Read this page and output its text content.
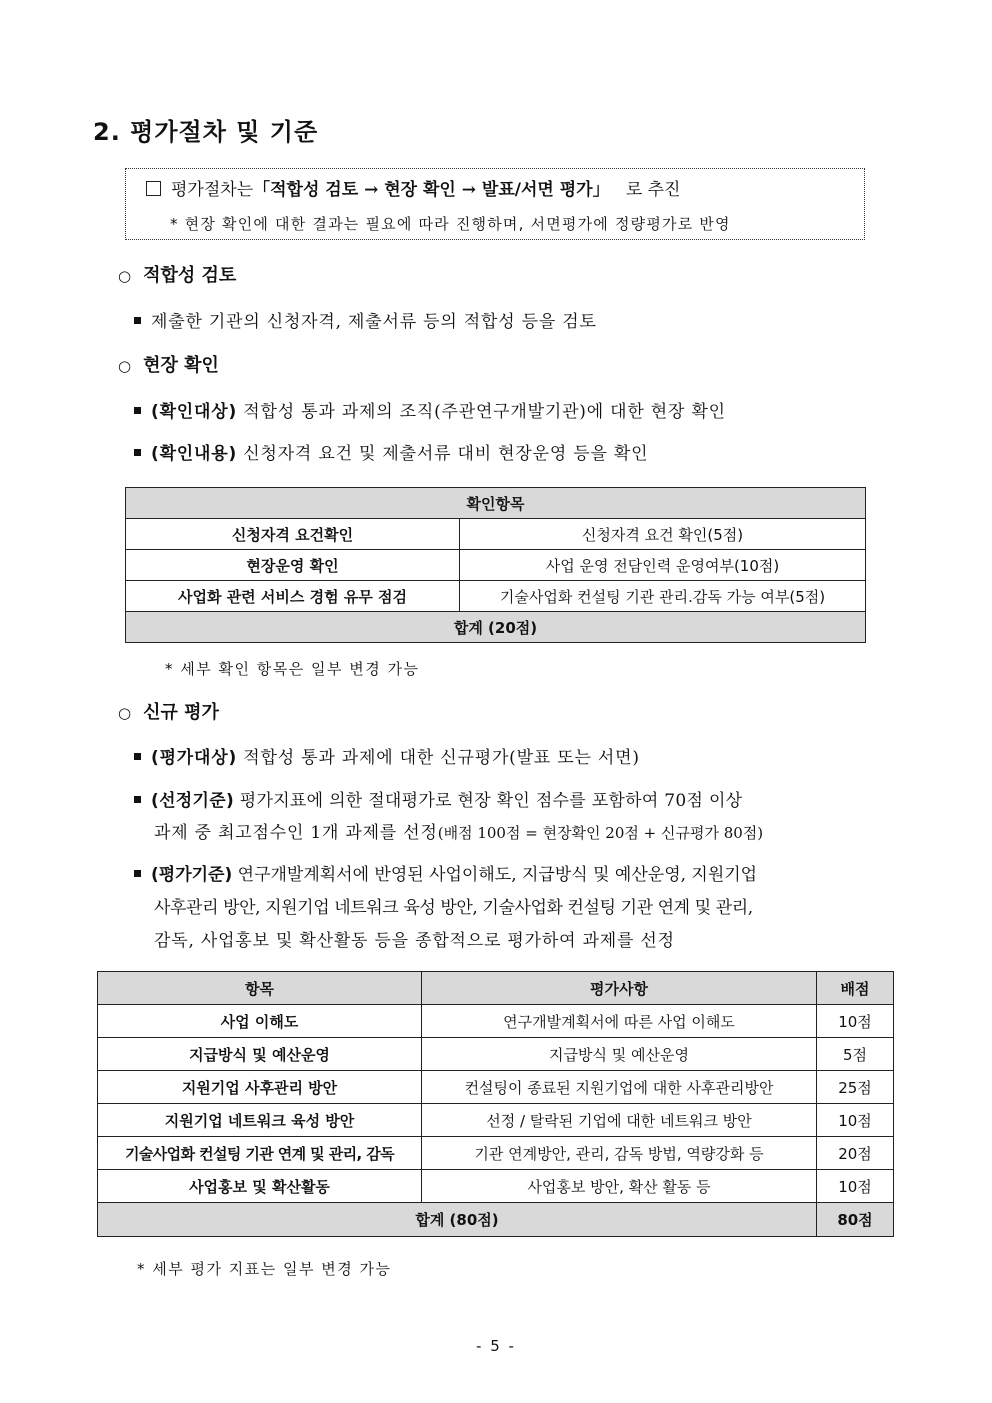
2. 평가절차 및 기준
평가절차는「적합성 검토 → 현장 확인 → 발표/서면 평가」 로 추진
* 현장 확인에 대한 결과는 필요에 따라 진행하며, 서면평가에 정량평가로 반영
○ 적합성 검토
제출한 기관의 신청자격, 제출서류 등의 적합성 등을 검토
○ 현장 확인
(확인대상) 적합성 통과 과제의 조직(주관연구개발기관)에 대한 현장 확인
(확인내용) 신청자격 요건 및 제출서류 대비 현장운영 등을 확인
확인항목	
신청자격 요건확인	신청자격 요건 확인(5점)
현장운영 확인	사업 운영 전담인력 운영여부(10점)
사업화 관련 서비스 경험 유무 점검	기술사업화 컨설팅 기관 관리.감독 가능 여부(5점)
합계 (20점)	
* 세부 확인 항목은 일부 변경 가능
○ 신규 평가
(평가대상) 적합성 통과 과제에 대한 신규평가(발표 또는 서면)
(선정기준) 평가지표에 의한 절대평가로 현장 확인 점수를 포함하여 70점 이상
과제 중 최고점수인 1개 과제를 선정(배점 100점 = 현장확인 20점 + 신규평가 80점)
(평가기준) 연구개발계획서에 반영된 사업이해도, 지급방식 및 예산운영, 지원기업
사후관리 방안, 지원기업 네트워크 육성 방안, 기술사업화 컨설팅 기관 연계 및 관리,
감독, 사업홍보 및 확산활동 등을 종합적으로 평가하여 과제를 선정
항목	평가사항	배점
사업 이해도	연구개발계획서에 따른 사업 이해도	10점
지급방식 및 예산운영	지급방식 및 예산운영	5점
지원기업 사후관리 방안	컨설팅이 종료된 지원기업에 대한 사후관리방안	25점
지원기업 네트워크 육성 방안	선정 / 탈락된 기업에 대한 네트워크 방안	10점
기술사업화 컨설팅 기관 연계 및 관리, 감독	기관 연계방안, 관리, 감독 방법, 역량강화 등	20점
사업홍보 및 확산활동	사업홍보 방안, 확산 활동 등	10점
합계 (80점)		80점
* 세부 평가 지표는 일부 변경 가능
- 5 -
